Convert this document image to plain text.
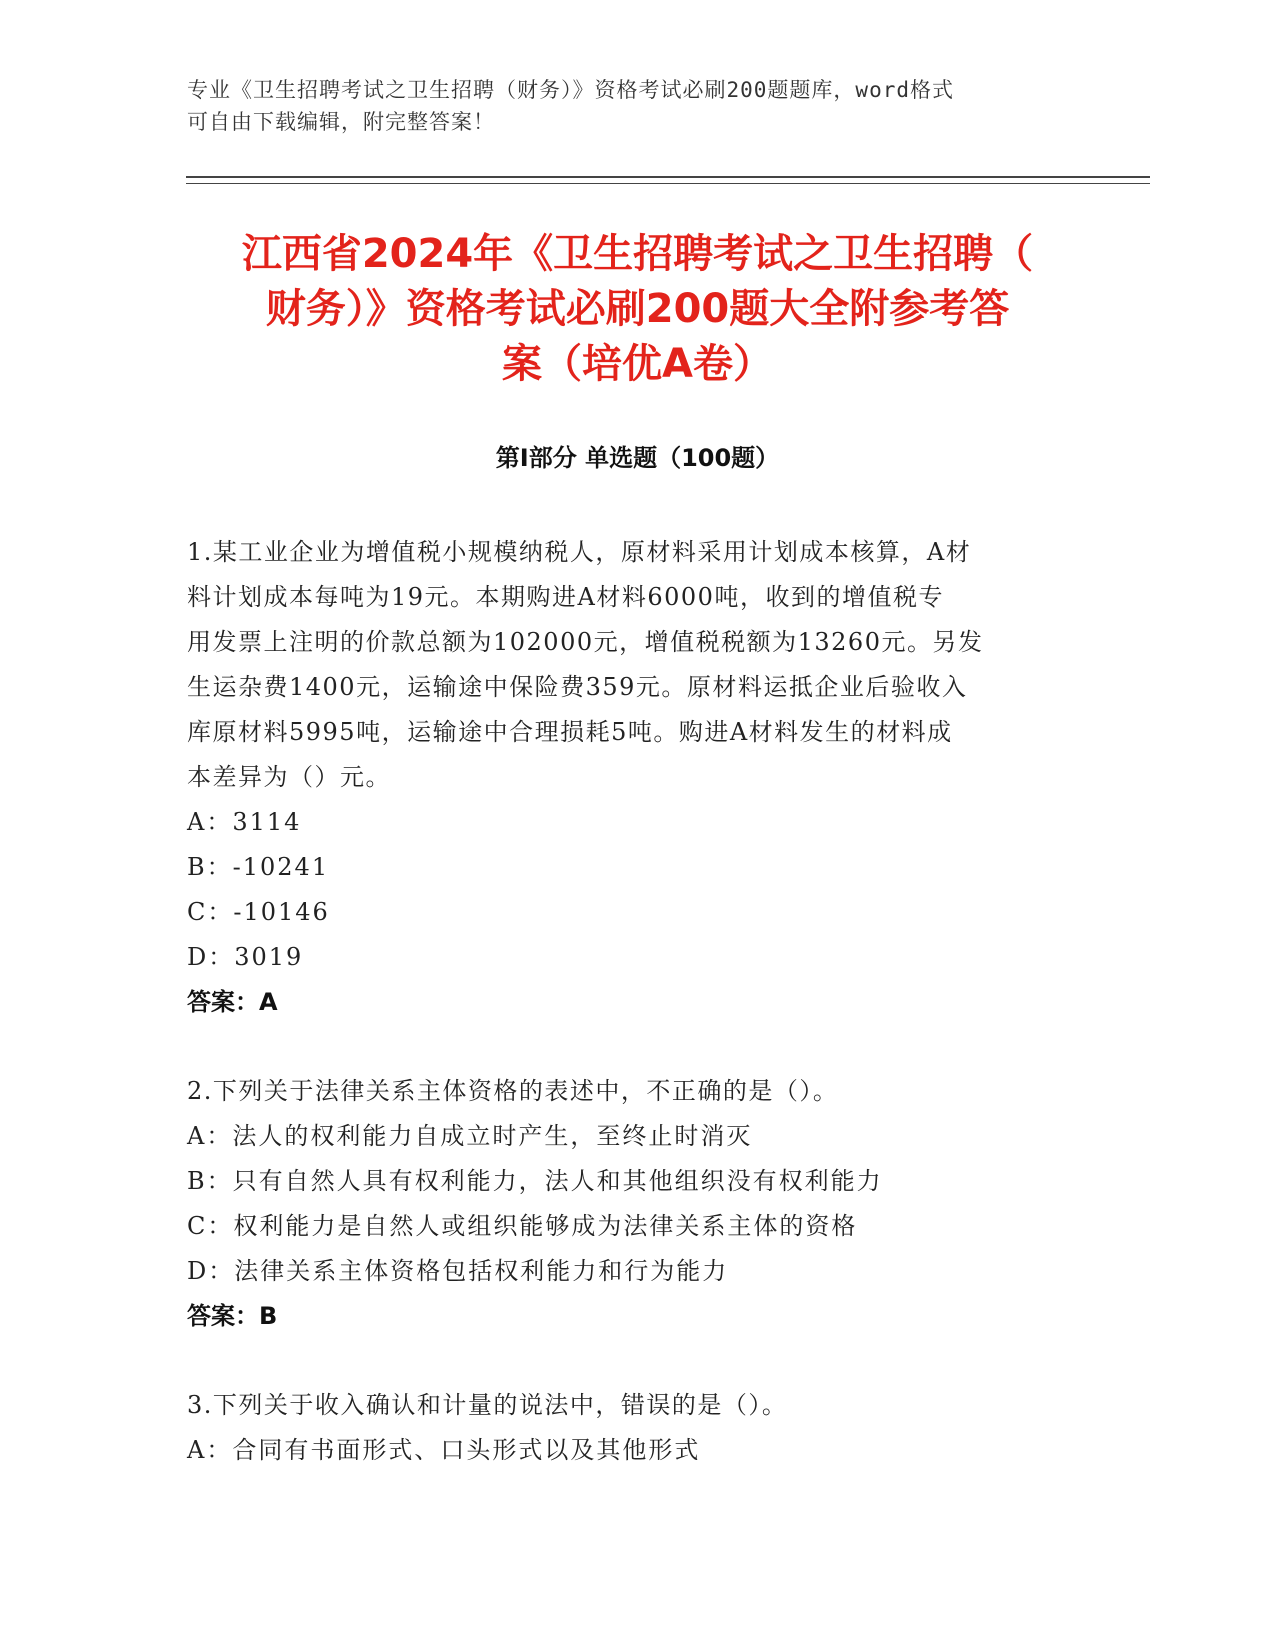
专业《卫生招聘考试之卫生招聘（财务）》资格考试必刷200题题库，word格式
可自由下载编辑，附完整答案！
江西省2024年《卫生招聘考试之卫生招聘（
财务）》资格考试必刷200题大全附参考答
案（培优A卷）
第I部分 单选题（100题）

1.某工业企业为增值税小规模纳税人，原材料采用计划成本核算，A材

料计划成本每吨为19元。本期购进A材料6000吨，收到的增值税专

用发票上注明的价款总额为102000元，增值税税额为13260元。另发

生运杂费1400元，运输途中保险费359元。原材料运抵企业后验收入

库原材料5995吨，运输途中合理损耗5吨。购进A材料发生的材料成

本差异为（）元。

A：3114

B：-10241

C：-10146

D：3019

答案：A

2.下列关于法律关系主体资格的表述中，不正确的是（）。

A：法人的权利能力自成立时产生，至终止时消灭

B：只有自然人具有权利能力，法人和其他组织没有权利能力

C：权利能力是自然人或组织能够成为法律关系主体的资格

D：法律关系主体资格包括权利能力和行为能力

答案：B

3.下列关于收入确认和计量的说法中，错误的是（）。

A：合同有书面形式、口头形式以及其他形式
